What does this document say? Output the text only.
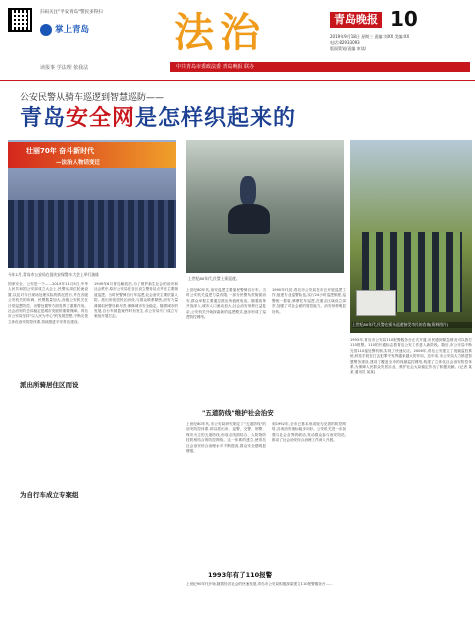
扫码关注"平安青岛"警民多得扫
掌上青岛 法治	青岛晚报 10
2019年9月18日 星期三 责编:刘XX 美编:XX
电话:82933093
版面策划/责编 审读/
读报事 学法理 依我法	中共青岛市委政法委 青岛晚报 联办
公安民警从骑车巡逻到智慧巡防——
青岛安全网是怎样织起来的
壮丽70年 奋斗新时代
—法治人物话变迁
今年1月,青岛市公安局在国庆安保警车大会上举行演练
上世纪80年代,民警上街巡逻。
上世纪80年代,民警在街头巡逻接受市民的咨询(资料图片)
国家安全、公安是一个……2019年11月5日,中华人民共和国公安部成立大会上,民警从岗位轮流设置,以及对今日现场处理实际的情况进行,并在各级公安机关的协调、民警数量加大,各级公安机关在日常巡逻防控、出警处置等方面发挥了重要作用。社会治安的总体稳定是城市发展的重要保障。青岛市公安局坚持"以人民为中心"的发展思想,不断完善立体化治安防控体系,持续推进平安青岛建设。
1949年6月青岛解放后,为了维护新生社会的治安和社会秩序,原市公安局在各区设立警务站点并在主要街道巡逻。当时民警骑自行车巡逻,社会治安主要依靠人防。派出所依居民区而设,与群众联系紧密,治安力量薄弱但民警尽职尽责,保障城市安全稳定。随着城市的发展,自行车被盗案件时有发生,市公安局专门成立专案组开展打击。
上世纪80年代,治安巡逻主要靠民警骑自行车。当时公安机关巡逻力量有限,一部分民警负责街面治安,群众举报主要通过派出所值班电话。随着改革开放深入,城市人口流动加大,社会治安形势日益复杂,公安机关开始探索新的巡逻模式,逐步形成了巡逻防控网络。
1990年代初,青岛市公安局在市区开展巡逻工作,组建专业巡警队伍,实行24小时巡逻制度,巡警统一着装,骑摩托车巡逻,在重点区域设立岗亭,加强了对社会面的管控能力。治安形势明显好转。
上世纪80年代,市公安局研究制定了"五道防线"的治安防控体系,即以派出所、巡警、交警、刑警、保安为主的五道防线,形成点线面结合、人防物防技防相结合的防控网络。这一体系的建立,使青岛社会治安综合治理水平不断提高,群众安全感明显增强。
到1992年,全市已基本形成较为完善的防控网络,各项治安指标稳步向好。公安机关进一步加强与社会各界的联动,发动群众参与治安防范,推动了社会治安综合治理工作深入开展。
1993年,青岛市公安局110报警服务台正式开通,市民遇到紧急情况可以拨打110报警。110的开通标志着青岛公安工作进入新阶段。随后,市公安局不断完善110接处警机制,实现了快速反应。2006年,青岛公安建立了视频监控系统,科技手段在打击犯罪中发挥越来越大的作用。近年来,市公安局大力推进智慧警务建设,建设了覆盖全市的视频监控网络,构建了立体化社会治安防控体系,为保障人民群众安居乐业、维护社会大局稳定作出了积极贡献。(记者 某某 通讯员 某某)
上世纪90年代开始,随着经济社会的快速发展,青岛市公安局积极探索建立110报警服务台……
派出所骑居住区而设
为自行车成立专案组
"五道防线"维护社会治安
1993年有了110报警
